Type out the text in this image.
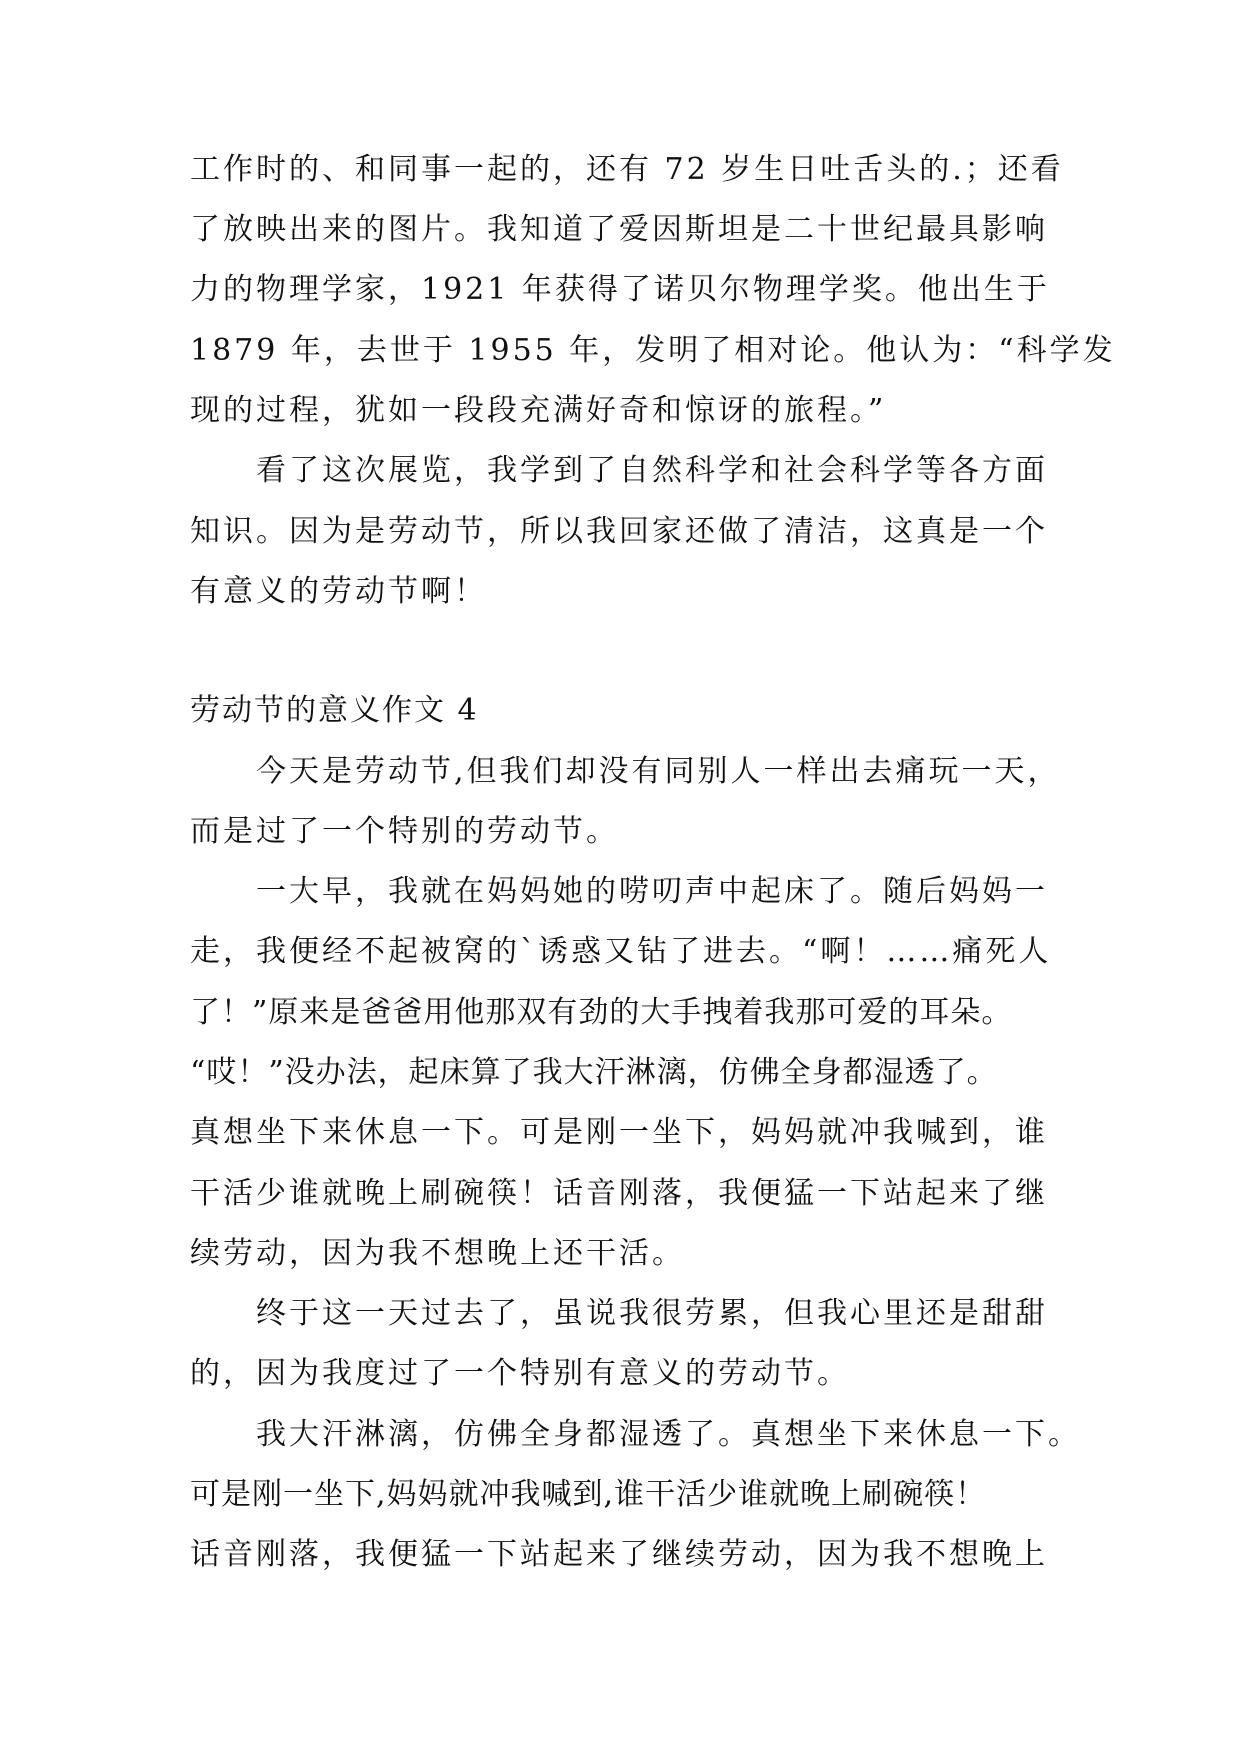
工作时的、和同事一起的，还有 72 岁生日吐舌头的.；还看

了放映出来的图片。我知道了爱因斯坦是二十世纪最具影响

力的物理学家，1921 年获得了诺贝尔物理学奖。他出生于

1879 年，去世于 1955 年，发明了相对论。他认为：“科学发

现的过程，犹如一段段充满好奇和惊讶的旅程。”

看了这次展览，我学到了自然科学和社会科学等各方面

知识。因为是劳动节，所以我回家还做了清洁，这真是一个

有意义的劳动节啊！

劳动节的意义作文 4

今天是劳动节,但我们却没有同别人一样出去痛玩一天，

而是过了一个特别的劳动节。

一大早，我就在妈妈她的唠叨声中起床了。随后妈妈一

走，我便经不起被窝的`诱惑又钻了进去。“啊！……痛死人

了！”原来是爸爸用他那双有劲的大手拽着我那可爱的耳朵。

“哎！”没办法，起床算了我大汗淋漓，仿佛全身都湿透了。

真想坐下来休息一下。可是刚一坐下，妈妈就冲我喊到，谁

干活少谁就晚上刷碗筷！话音刚落，我便猛一下站起来了继

续劳动，因为我不想晚上还干活。

终于这一天过去了，虽说我很劳累，但我心里还是甜甜

的，因为我度过了一个特别有意义的劳动节。

我大汗淋漓，仿佛全身都湿透了。真想坐下来休息一下。

可是刚一坐下,妈妈就冲我喊到,谁干活少谁就晚上刷碗筷！

话音刚落，我便猛一下站起来了继续劳动，因为我不想晚上
